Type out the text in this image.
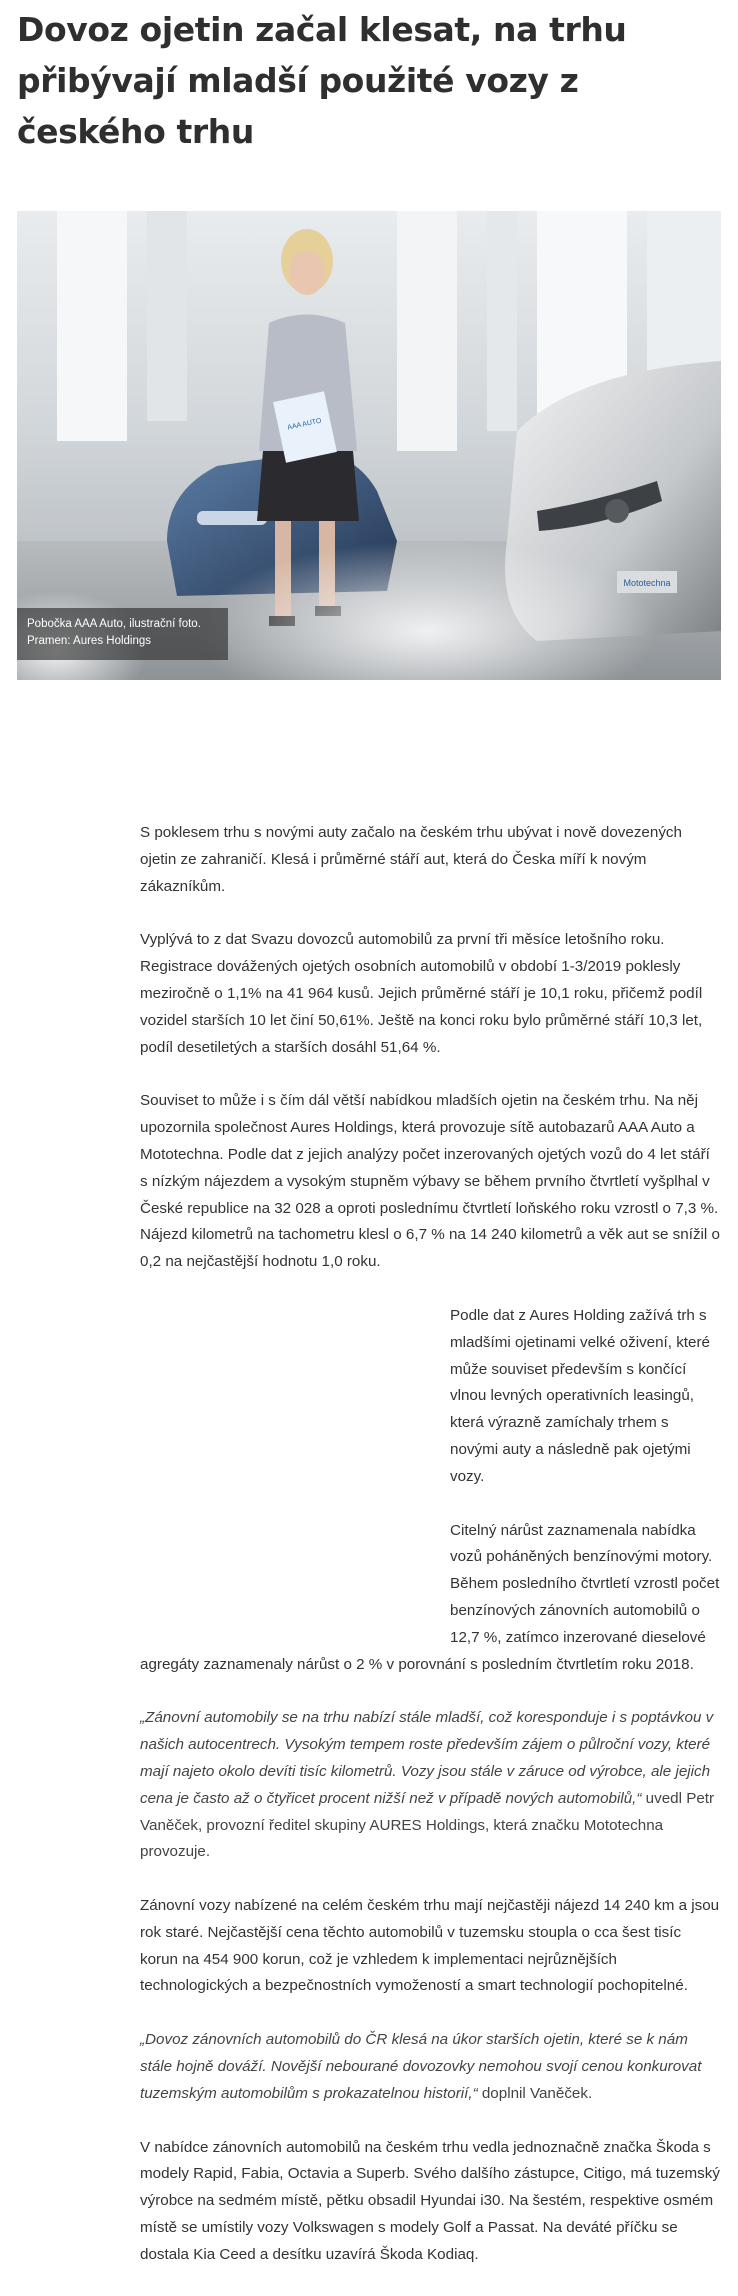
Dovoz ojetin začal klesat, na trhu přibývají mladší použité vozy z českého trhu
Mototechna
AAA AUTO
Pobočka AAA Auto, ilustrační foto.
Pramen: Aures Holdings

S poklesem trhu s novými auty začalo na českém trhu ubývat i nově dovezených ojetin ze zahraničí. Klesá i průměrné stáří aut, která do Česka míří k novým zákazníkům.

Vyplývá to z dat Svazu dovozců automobilů za první tři měsíce letošního roku. Registrace dovážených ojetých osobních automobilů v období 1-3/2019 poklesly meziročně o 1,1% na 41 964 kusů. Jejich průměrné stáří je 10,1 roku, přičemž podíl vozidel starších 10 let činí 50,61%. Ještě na konci roku bylo průměrné stáří 10,3 let, podíl desetiletých a starších dosáhl 51,64 %.

Souviset to může i s čím dál větší nabídkou mladších ojetin na českém trhu. Na něj upozornila společnost Aures Holdings, která provozuje sítě autobazarů AAA Auto a Mototechna. Podle dat z jejich analýzy počet inzerovaných ojetých vozů do 4 let stáří s nízkým nájezdem a vysokým stupněm výbavy se během prvního čtvrtletí vyšplhal v České republice na 32 028 a oproti poslednímu čtvrtletí loňského roku vzrostl o 7,3 %. Nájezd kilometrů na tachometru klesl o 6,7 % na 14 240 kilometrů a věk aut se snížil o 0,2 na nejčastější hodnotu 1,0 roku.

Podle dat z Aures Holding zažívá trh s mladšími ojetinami velké oživení, které může souviset především s končící vlnou levných operativních leasingů, která výrazně zamíchaly trhem s novými auty a následně pak ojetými vozy.

Citelný nárůst zaznamenala nabídka vozů poháněných benzínovými motory. Během posledního čtvrtletí vzrostl počet benzínových zánovních automobilů o 12,7 %, zatímco inzerované dieselové agregáty zaznamenaly nárůst o 2 % v porovnání s posledním čtvrtletím roku 2018.

„Zánovní automobily se na trhu nabízí stále mladší, což koresponduje i s poptávkou v našich autocentrech. Vysokým tempem roste především zájem o půlroční vozy, které mají najeto okolo devíti tisíc kilometrů. Vozy jsou stále v záruce od výrobce, ale jejich cena je často až o čtyřicet procent nižší než v případě nových automobilů,“ uvedl Petr Vaněček, provozní ředitel skupiny AURES Holdings, která značku Mototechna provozuje.

Zánovní vozy nabízené na celém českém trhu mají nejčastěji nájezd 14 240 km a jsou rok staré. Nejčastější cena těchto automobilů v tuzemsku stoupla o cca šest tisíc korun na 454 900 korun, což je vzhledem k implementaci nejrůznějších technologických a bezpečnostních vymožeností a smart technologií pochopitelné.

„Dovoz zánovních automobilů do ČR klesá na úkor starších ojetin, které se k nám stále hojně dováží. Novější nebourané dovozovky nemohou svojí cenou konkurovat tuzemským automobilům s prokazatelnou historií,“ doplnil Vaněček.

V nabídce zánovních automobilů na českém trhu vedla jednoznačně značka Škoda s modely Rapid, Fabia, Octavia a Superb. Svého dalšího zástupce, Citigo, má tuzemský výrobce na sedmém místě, pětku obsadil Hyundai i30. Na šestém, respektive osmém místě se umístily vozy Volkswagen s modely Golf a Passat. Na deváté příčku se dostala Kia Ceed a desítku uzavírá Škoda Kodiaq.
